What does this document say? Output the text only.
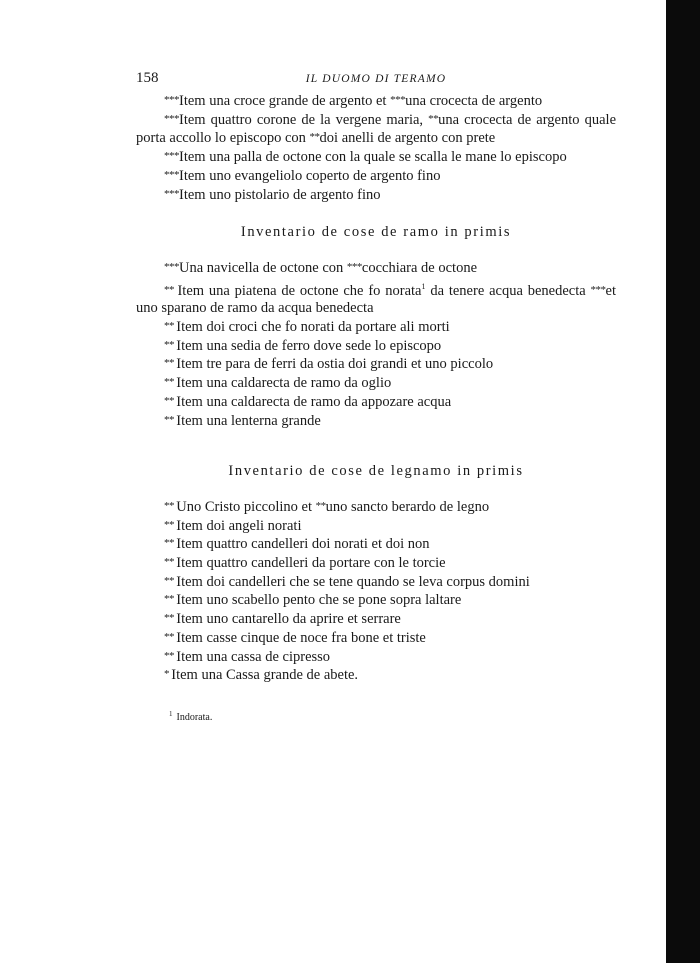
158	IL DUOMO DI TERAMO

***Item una croce grande de argento et ***una crocecta de argento

***Item quattro corone de la vergene maria, **una crocecta de argento quale porta accollo lo episcopo con **doi anelli de argento con prete

***Item una palla de octone con la quale se scalla le mane lo episcopo

***Item uno evangeliolo coperto de argento fino

***Item uno pistolario de argento fino

Inventario de cose de ramo in primis

***Una navicella de octone con ***cocchiara de octone

** Item una piatena de octone che fo norata$^1$ da tenere acqua benedecta ***et uno sparano de ramo da acqua benedecta

** Item doi croci che fo norati da portare ali morti

** Item una sedia de ferro dove sede lo episcopo

** Item tre para de ferri da ostia doi grandi et uno piccolo

** Item una caldarecta de ramo da oglio

** Item una caldarecta de ramo da appozare acqua

** Item una lenterna grande

Inventario de cose de legnamo in primis

** Uno Cristo piccolino et **uno sancto berardo de legno

** Item doi angeli norati

** Item quattro candelleri doi norati et doi non

** Item quattro candelleri da portare con le torcie

** Item doi candelleri che se tene quando se leva corpus domini

** Item uno scabello pento che se pone sopra laltare

** Item uno cantarello da aprire et serrare

** Item casse cinque de noce fra bone et triste

** Item una cassa de cipresso

* Item una Cassa grande de abete.

$^1$ Indorata.
